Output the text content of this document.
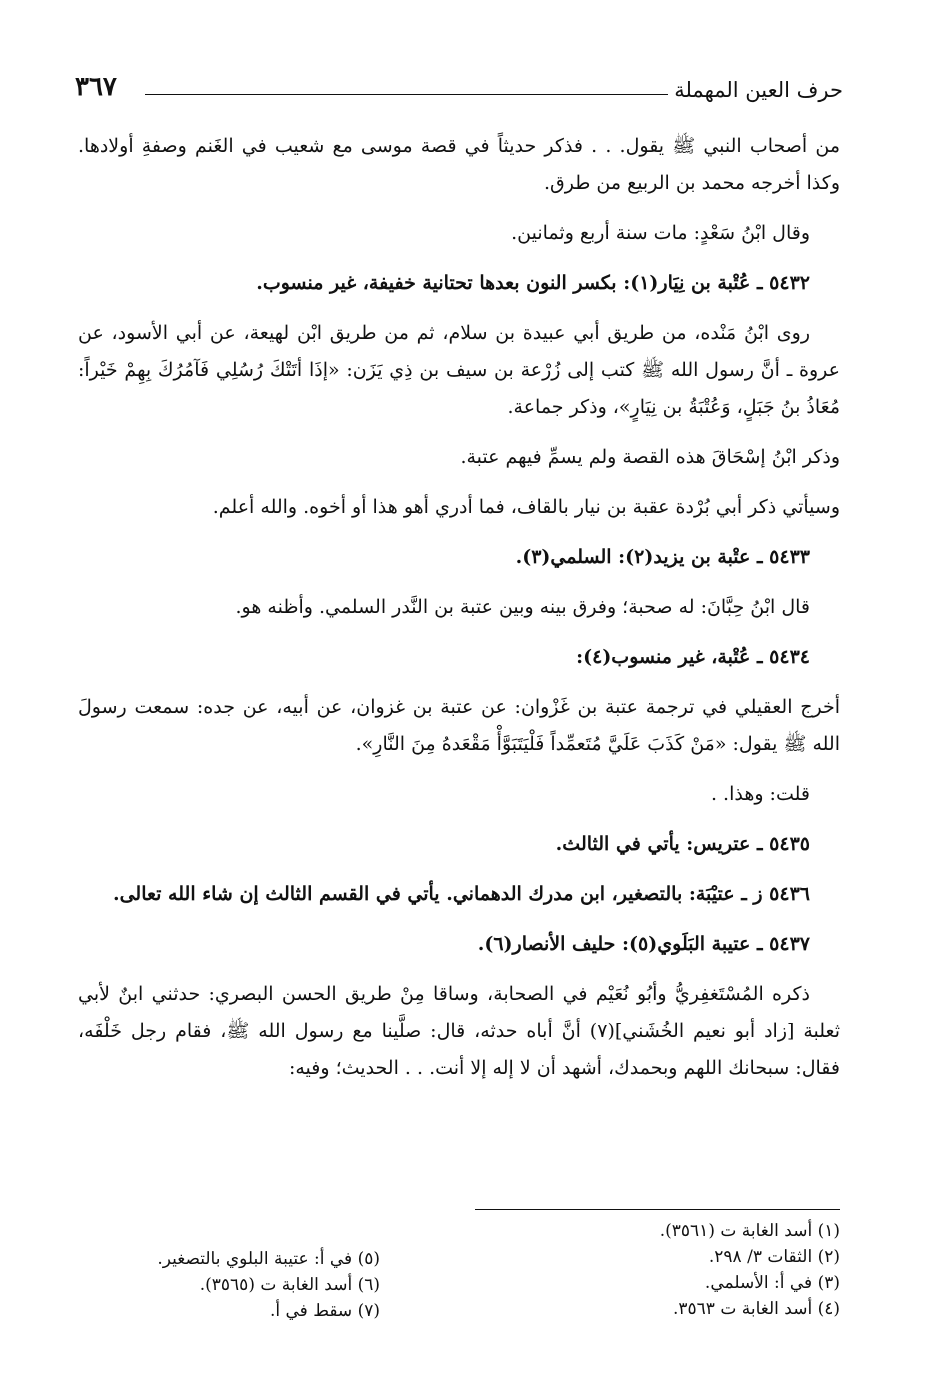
٣٦٧	حرف العين المهملة

من أصحاب النبي ﷺ يقول. . . فذكر حديثاً في قصة موسى مع شعيب في الغَنم وصفةِ أولادها. وكذا أخرجه محمد بن الربيع من طرق.

وقال ابْنُ سَعْدٍ: مات سنة أربع وثمانين.

٥٤٣٢ ـ عُتْبة بن نِيَار(١): بكسر النون بعدها تحتانية خفيفة، غير منسوب.

روى ابْنُ مَنْده، من طريق أبي عبيدة بن سلام، ثم من طريق ابْن لهيعة، عن أبي الأسود، عن عروة ـ أنَّ رسول الله ﷺ كتب إلى زُرْعة بن سيف بن ذِي يَزَن: «إذَا أتَتْكَ رُسُلِي فَآمُرُكَ بِهِمْ خَيْراً: مُعَاذُ بنُ جَبَلٍ، وَعُتْبَةُ بن نِيَارٍ»، وذكر جماعة.

وذكر ابْنُ إسْحَاقَ هذه القصة ولم يسمِّ فيهم عتبة.

وسيأتي ذكر أبي بُرْدة عقبة بن نيار بالقاف، فما أدري أهو هذا أو أخوه. والله أعلم.

٥٤٣٣ ـ عتْبة بن يزيد(٢): السلمي(٣).

قال ابْنُ حِبَّانَ: له صحبة؛ وفرق بينه وبين عتبة بن النَّدر السلمي. وأظنه هو.

٥٤٣٤ ـ عُتْبة، غير منسوب(٤):

أخرج العقيلي في ترجمة عتبة بن غَزْوان: عن عتبة بن غزوان، عن أبيه، عن جده: سمعت رسولَ الله ﷺ يقول: «مَنْ كَذَبَ عَلَيَّ مُتَعمِّداً فَلْيَتَبَوَّأْ مَقْعَدهُ مِنَ النَّارِ».

قلت: وهذا. .

٥٤٣٥ ـ عتريس: يأتي في الثالث.

٥٤٣٦ ز ـ عتيْبَة: بالتصغير، ابن مدرك الدهماني. يأتي في القسم الثالث إن شاء الله تعالى.

٥٤٣٧ ـ عتيبة البَلَوي(٥): حليف الأنصار(٦).

ذكره المُسْتَغفِريُّ وأبُو نُعَيْم في الصحابة، وساقا مِنْ طريق الحسن البصري: حدثني ابنٌ لأبي ثعلبة [زاد أبو نعيم الخُشَني](٧) أنَّ أباه حدثه، قال: صلَّينا مع رسول الله ﷺ، فقام رجل خَلْفَه، فقال: سبحانك اللهم وبحمدك، أشهد أن لا إله إلا أنت. . . الحديث؛ وفيه:

(١) أسد الغابة ت (٣٥٦١).
(٢) الثقات ٣/ ٢٩٨.
(٣) في أ: الأسلمي.
(٤) أسد الغابة ت ٣٥٦٣.
(٥) في أ: عتيبة البلوي بالتصغير.
(٦) أسد الغابة ت (٣٥٦٥).
(٧) سقط في أ.
